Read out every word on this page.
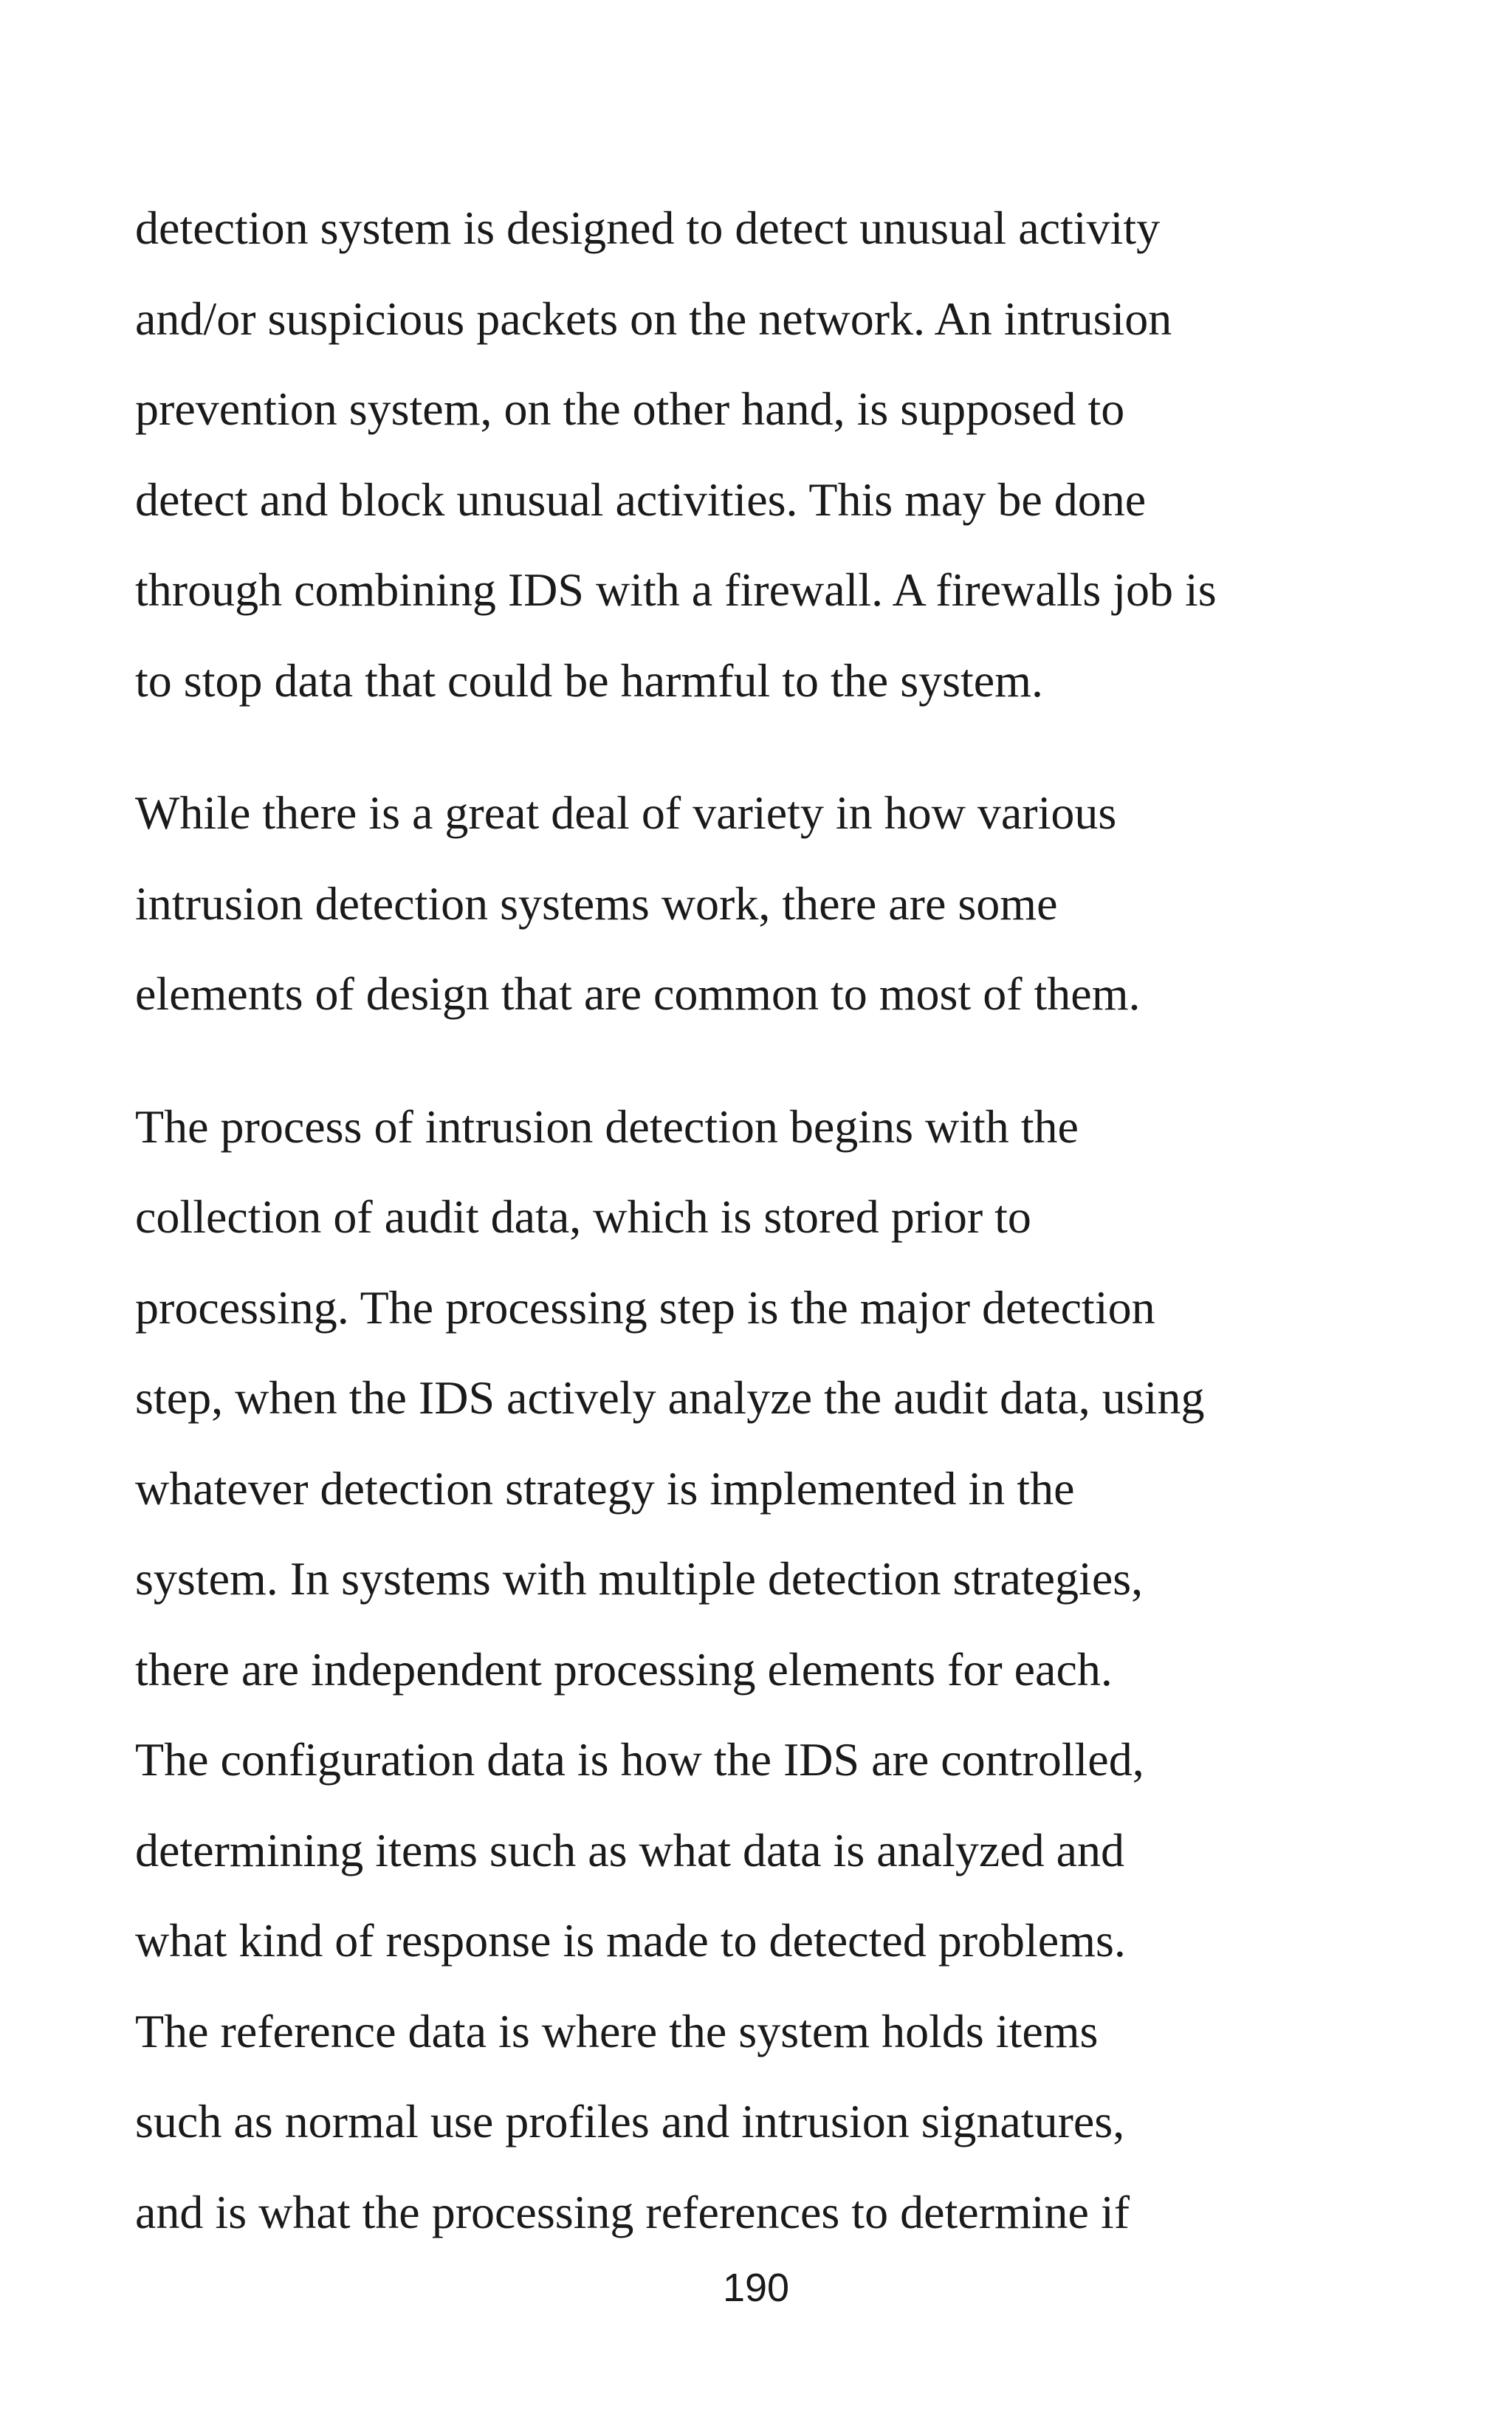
detection system is designed to detect unusual activity
and/or suspicious packets on the network. An intrusion
prevention system, on the other hand, is supposed to
detect and block unusual activities. This may be done
through combining IDS with a firewall. A firewalls job is
to stop data that could be harmful to the system.

While there is a great deal of variety in how various
intrusion detection systems work, there are some
elements of design that are common to most of them.

The process of intrusion detection begins with the
collection of audit data, which is stored prior to
processing. The processing step is the major detection
step, when the IDS actively analyze the audit data, using
whatever detection strategy is implemented in the
system. In systems with multiple detection strategies,
there are independent processing elements for each.
The configuration data is how the IDS are controlled,
determining items such as what data is analyzed and
what kind of response is made to detected problems.
The reference data is where the system holds items
such as normal use profiles and intrusion signatures,
and is what the processing references to determine if

190
